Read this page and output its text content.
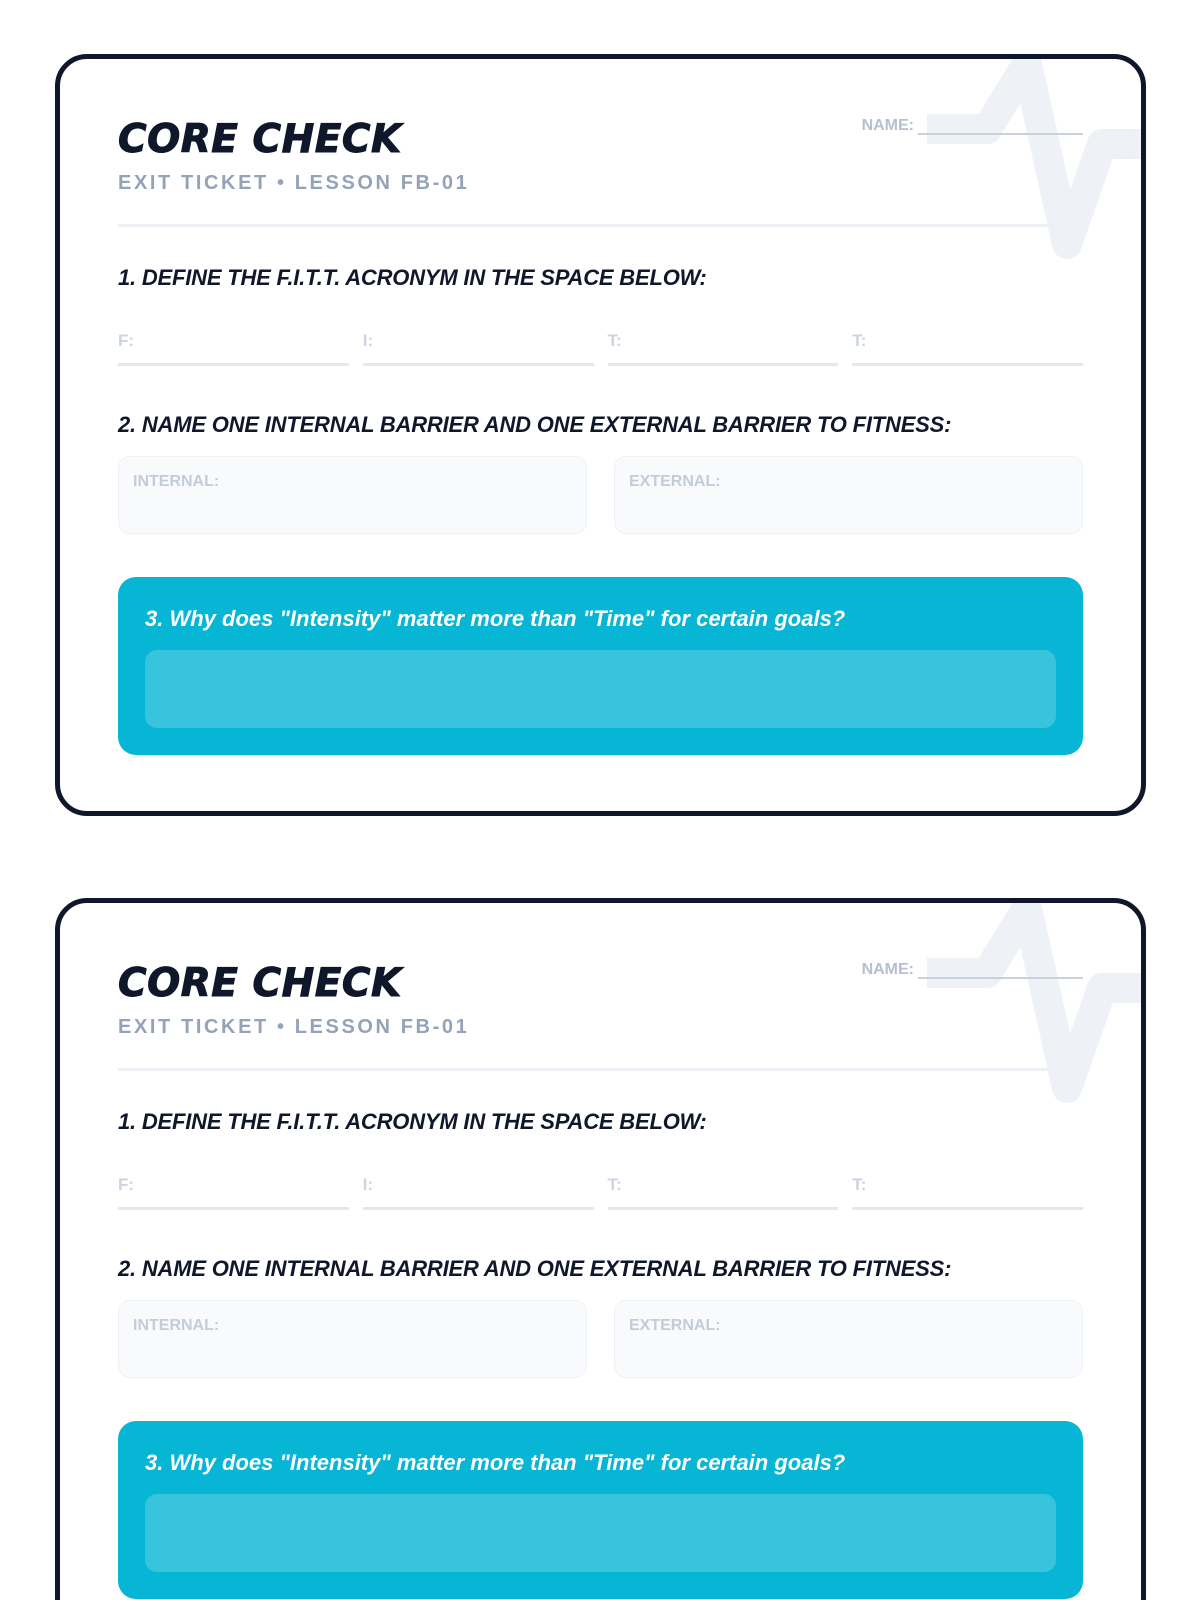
CORE CHECK
EXIT TICKET • LESSON FB-01
NAME:
1. DEFINE THE F.I.T.T. ACRONYM IN THE SPACE BELOW:
F:	I:	T:	T:
2. NAME ONE INTERNAL BARRIER AND ONE EXTERNAL BARRIER TO FITNESS:
INTERNAL:	EXTERNAL:
3. Why does "Intensity" matter more than "Time" for certain goals?
CORE CHECK
EXIT TICKET • LESSON FB-01
NAME:
1. DEFINE THE F.I.T.T. ACRONYM IN THE SPACE BELOW:
F:	I:	T:	T:
2. NAME ONE INTERNAL BARRIER AND ONE EXTERNAL BARRIER TO FITNESS:
INTERNAL:	EXTERNAL:
3. Why does "Intensity" matter more than "Time" for certain goals?
